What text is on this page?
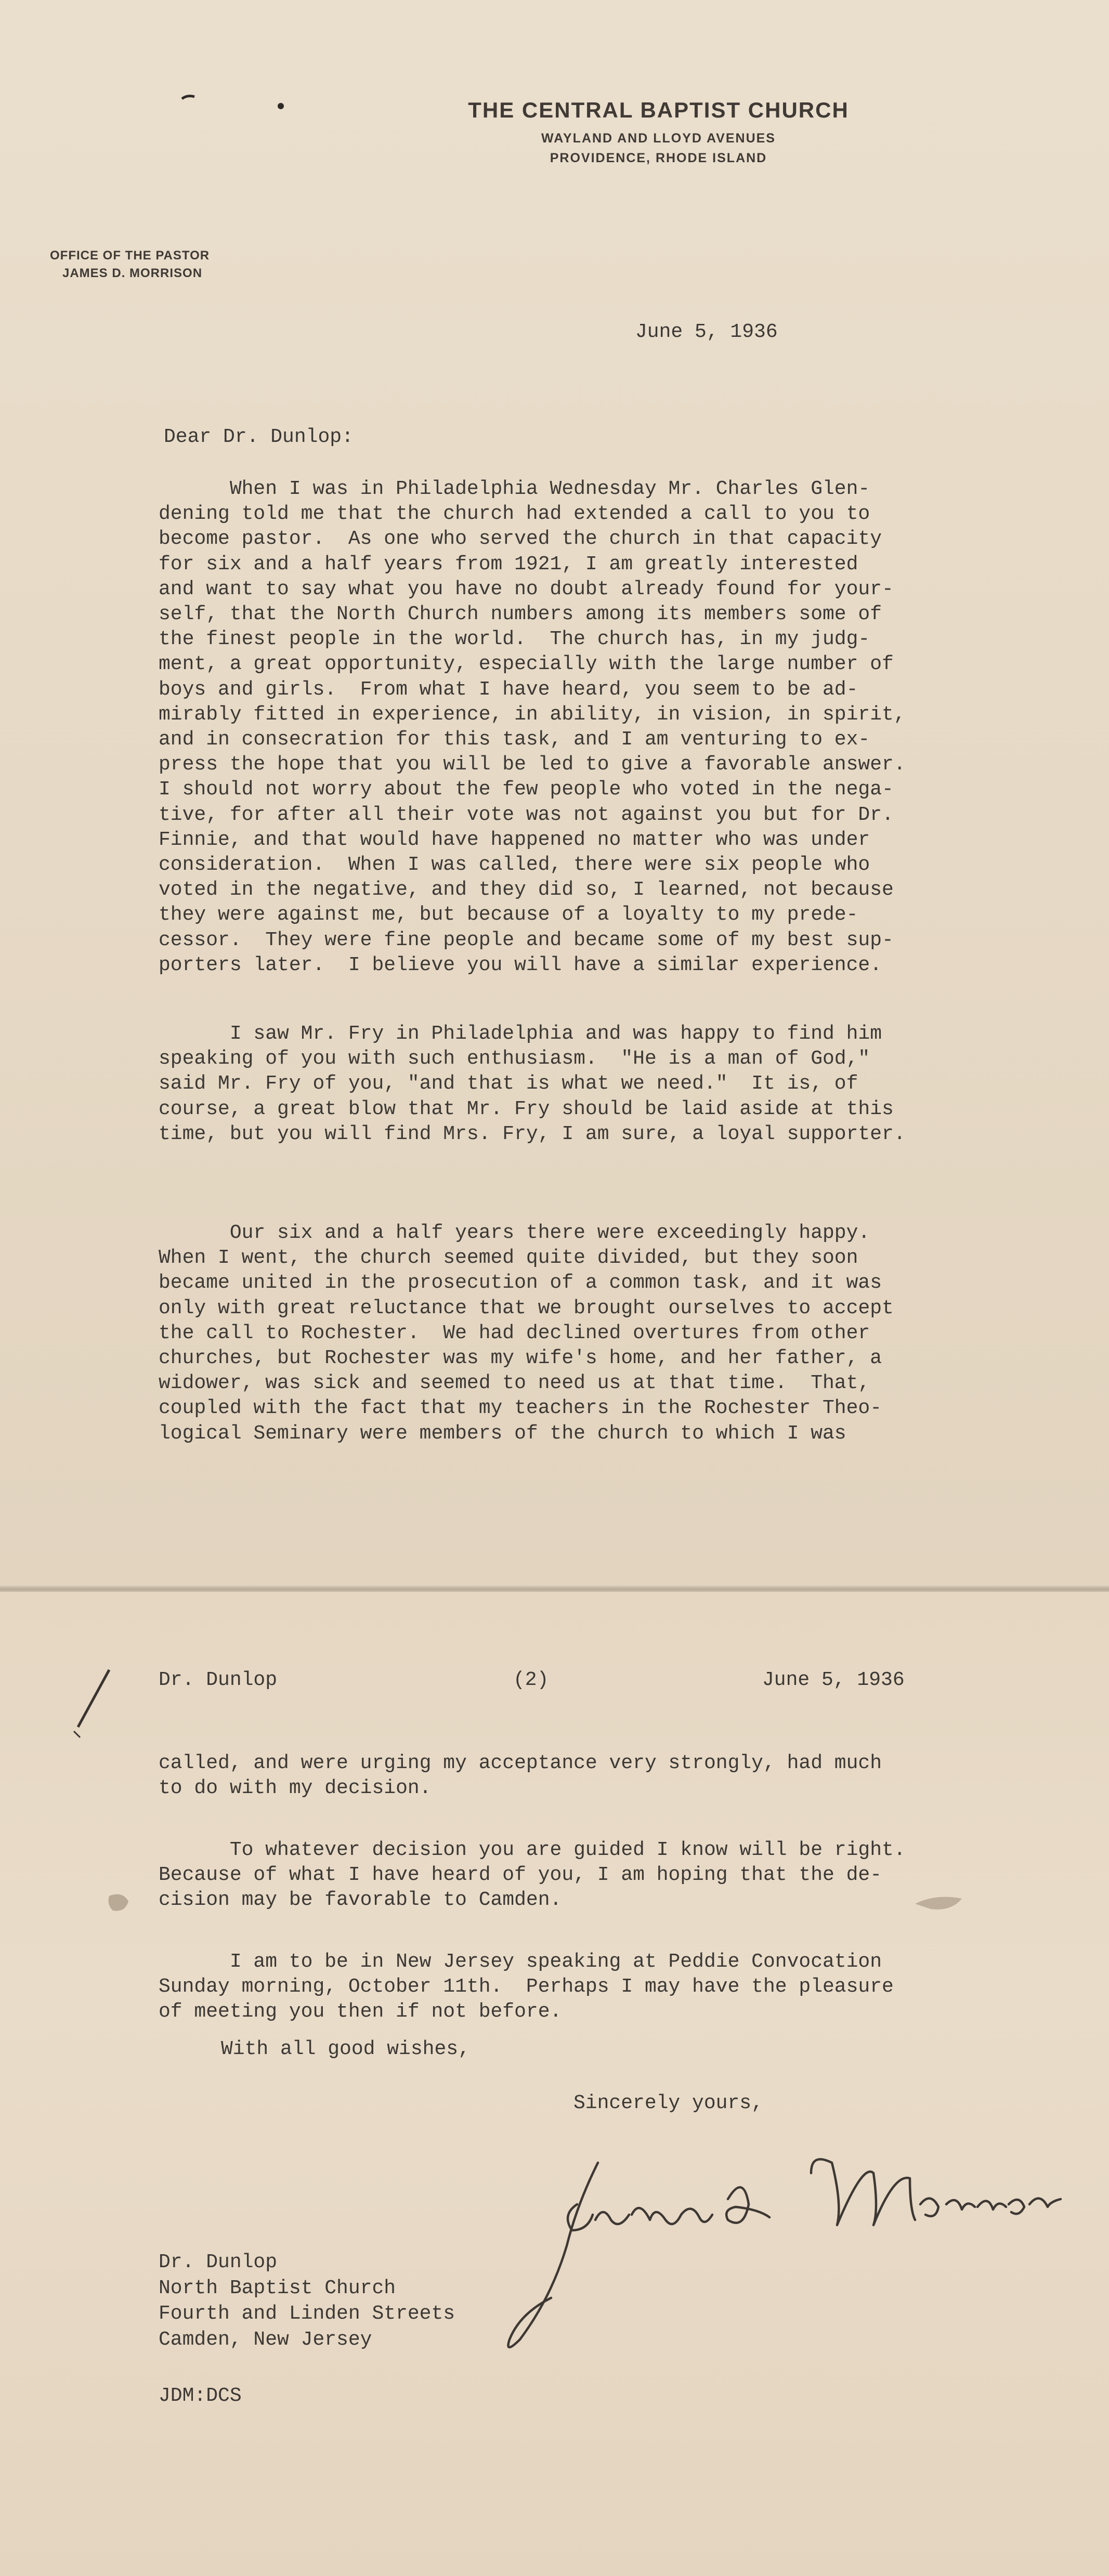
THE CENTRAL BAPTIST CHURCH
WAYLAND AND LLOYD AVENUES
PROVIDENCE, RHODE ISLAND
OFFICE OF THE PASTOR
JAMES D. MORRISON
June 5, 1936
Dear Dr. Dunlop:
When I was in Philadelphia Wednesday Mr. Charles Glen-
dening told me that the church had extended a call to you to
become pastor.  As one who served the church in that capacity
for six and a half years from 1921, I am greatly interested
and want to say what you have no doubt already found for your-
self, that the North Church numbers among its members some of
the finest people in the world.  The church has, in my judg-
ment, a great opportunity, especially with the large number of
boys and girls.  From what I have heard, you seem to be ad-
mirably fitted in experience, in ability, in vision, in spirit,
and in consecration for this task, and I am venturing to ex-
press the hope that you will be led to give a favorable answer.
I should not worry about the few people who voted in the nega-
tive, for after all their vote was not against you but for Dr.
Finnie, and that would have happened no matter who was under
consideration.  When I was called, there were six people who
voted in the negative, and they did so, I learned, not because
they were against me, but because of a loyalty to my prede-
cessor.  They were fine people and became some of my best sup-
porters later.  I believe you will have a similar experience.
I saw Mr. Fry in Philadelphia and was happy to find him
speaking of you with such enthusiasm.  "He is a man of God,"
said Mr. Fry of you, "and that is what we need."  It is, of
course, a great blow that Mr. Fry should be laid aside at this
time, but you will find Mrs. Fry, I am sure, a loyal supporter.
Our six and a half years there were exceedingly happy.
When I went, the church seemed quite divided, but they soon
became united in the prosecution of a common task, and it was
only with great reluctance that we brought ourselves to accept
the call to Rochester.  We had declined overtures from other
churches, but Rochester was my wife's home, and her father, a
widower, was sick and seemed to need us at that time.  That,
coupled with the fact that my teachers in the Rochester Theo-
logical Seminary were members of the church to which I was
Dr. Dunlop	(2)	June 5, 1936
called, and were urging my acceptance very strongly, had much
to do with my decision.
To whatever decision you are guided I know will be right.
Because of what I have heard of you, I am hoping that the de-
cision may be favorable to Camden.
I am to be in New Jersey speaking at Peddie Convocation
Sunday morning, October 11th.  Perhaps I may have the pleasure
of meeting you then if not before.
With all good wishes,
Sincerely yours,
Dr. Dunlop
North Baptist Church
Fourth and Linden Streets
Camden, New Jersey
JDM:DCS
